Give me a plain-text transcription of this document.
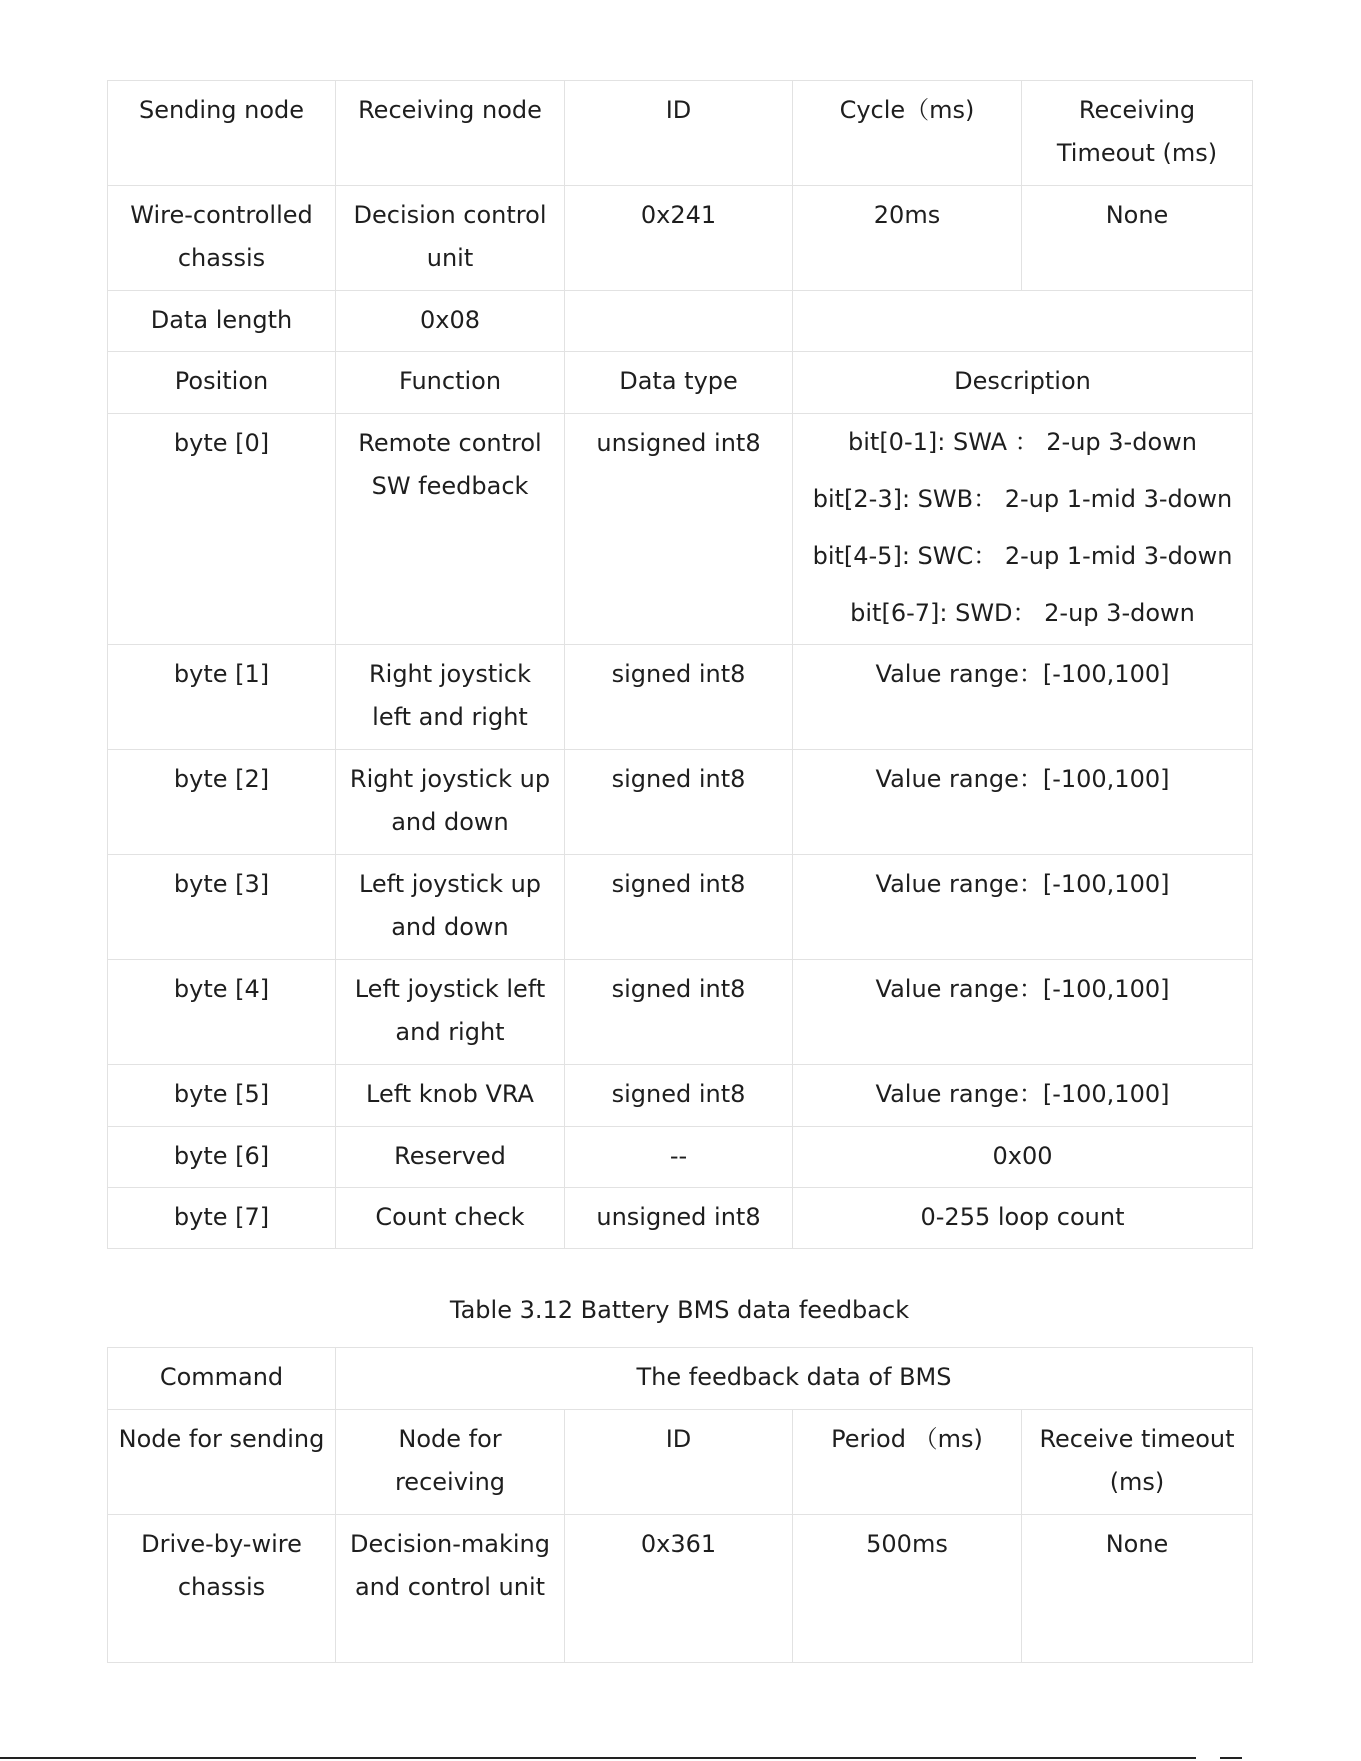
Sending node	Receiving node	ID	Cycle（ms)	Receiving Timeout (ms)
Wire-controlled chassis	Decision control unit	0x241	20ms	None
Data length	0x08			
Position	Function	Data type	Description	
byte [0]	Remote control SW feedback	unsigned int8	bit[0-1]: SWA ： 2-up 3-down
bit[2-3]: SWB： 2-up 1-mid 3-down
bit[4-5]: SWC： 2-up 1-mid 3-down
bit[6-7]: SWD： 2-up 3-down	

byte [1]	Right joystick left and right	signed int8	Value range：[-100,100]	
byte [2]	Right joystick up and down	signed int8	Value range：[-100,100]	
byte [3]	Left joystick up and down	signed int8	Value range：[-100,100]	
byte [4]	Left joystick left and right	signed int8	Value range：[-100,100]	
byte [5]	Left knob VRA	signed int8	Value range：[-100,100]	
byte [6]	Reserved	--	0x00	
byte [7]	Count check	unsigned int8	0-255 loop count	
Table 3.12 Battery BMS data feedback
Command	The feedback data of BMS			
Node for sending	Node for receiving	ID	Period （ms)	Receive timeout (ms)
Drive-by-wire chassis	Decision-making and control unit	0x361	500ms	None
